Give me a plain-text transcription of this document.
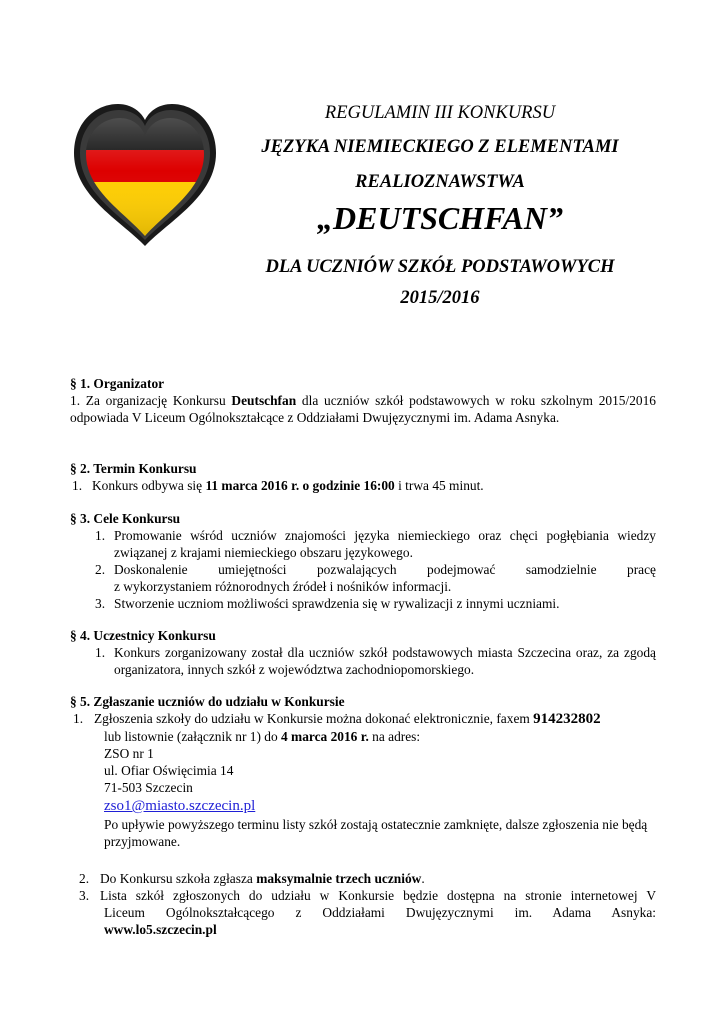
REGULAMIN III KONKURSU
JĘZYKA NIEMIECKIEGO Z ELEMENTAMI
REALIOZNAWSTWA
„DEUTSCHFAN”
DLA UCZNIÓW SZKÓŁ PODSTAWOWYCH
2015/2016
§ 1. Organizator
1. Za organizację Konkursu Deutschfan dla uczniów szkół podstawowych w roku szkolnym 2015/2016 odpowiada V Liceum Ogólnokształcące z Oddziałami Dwujęzycznymi im. Adama Asnyka.
§ 2. Termin Konkursu
1. Konkurs odbywa się 11 marca 2016 r. o godzinie 16:00 i trwa 45 minut.
§ 3. Cele Konkursu
1. Promowanie wśród uczniów znajomości języka niemieckiego oraz chęci pogłębiania wiedzy związanej z krajami niemieckiego obszaru językowego.
2. Doskonalenie umiejętności pozwalających podejmować samodzielnie pracę
z wykorzystaniem różnorodnych źródeł i nośników informacji.
3. Stworzenie uczniom możliwości sprawdzenia się w rywalizacji z innymi uczniami.
§ 4. Uczestnicy Konkursu
1. Konkurs zorganizowany został dla uczniów szkół podstawowych miasta Szczecina oraz, za zgodą organizatora, innych szkół z województwa zachodniopomorskiego.
§ 5. Zgłaszanie uczniów do udziału w Konkursie
1. Zgłoszenia szkoły do udziału w Konkursie można dokonać elektronicznie, faxem 914232802
lub listownie (załącznik nr 1) do 4 marca 2016 r. na adres:
ZSO nr 1
ul. Ofiar Oświęcimia 14
71-503 Szczecin
zso1@miasto.szczecin.pl
Po upływie powyższego terminu listy szkół zostają ostatecznie zamknięte, dalsze zgłoszenia nie będą przyjmowane.
2. Do Konkursu szkoła zgłasza maksymalnie trzech uczniów.
3. Lista szkół zgłoszonych do udziału w Konkursie będzie dostępna na stronie internetowej V
Liceum Ogólnokształcącego z Oddziałami Dwujęzycznymi im. Adama Asnyka:
www.lo5.szczecin.pl
